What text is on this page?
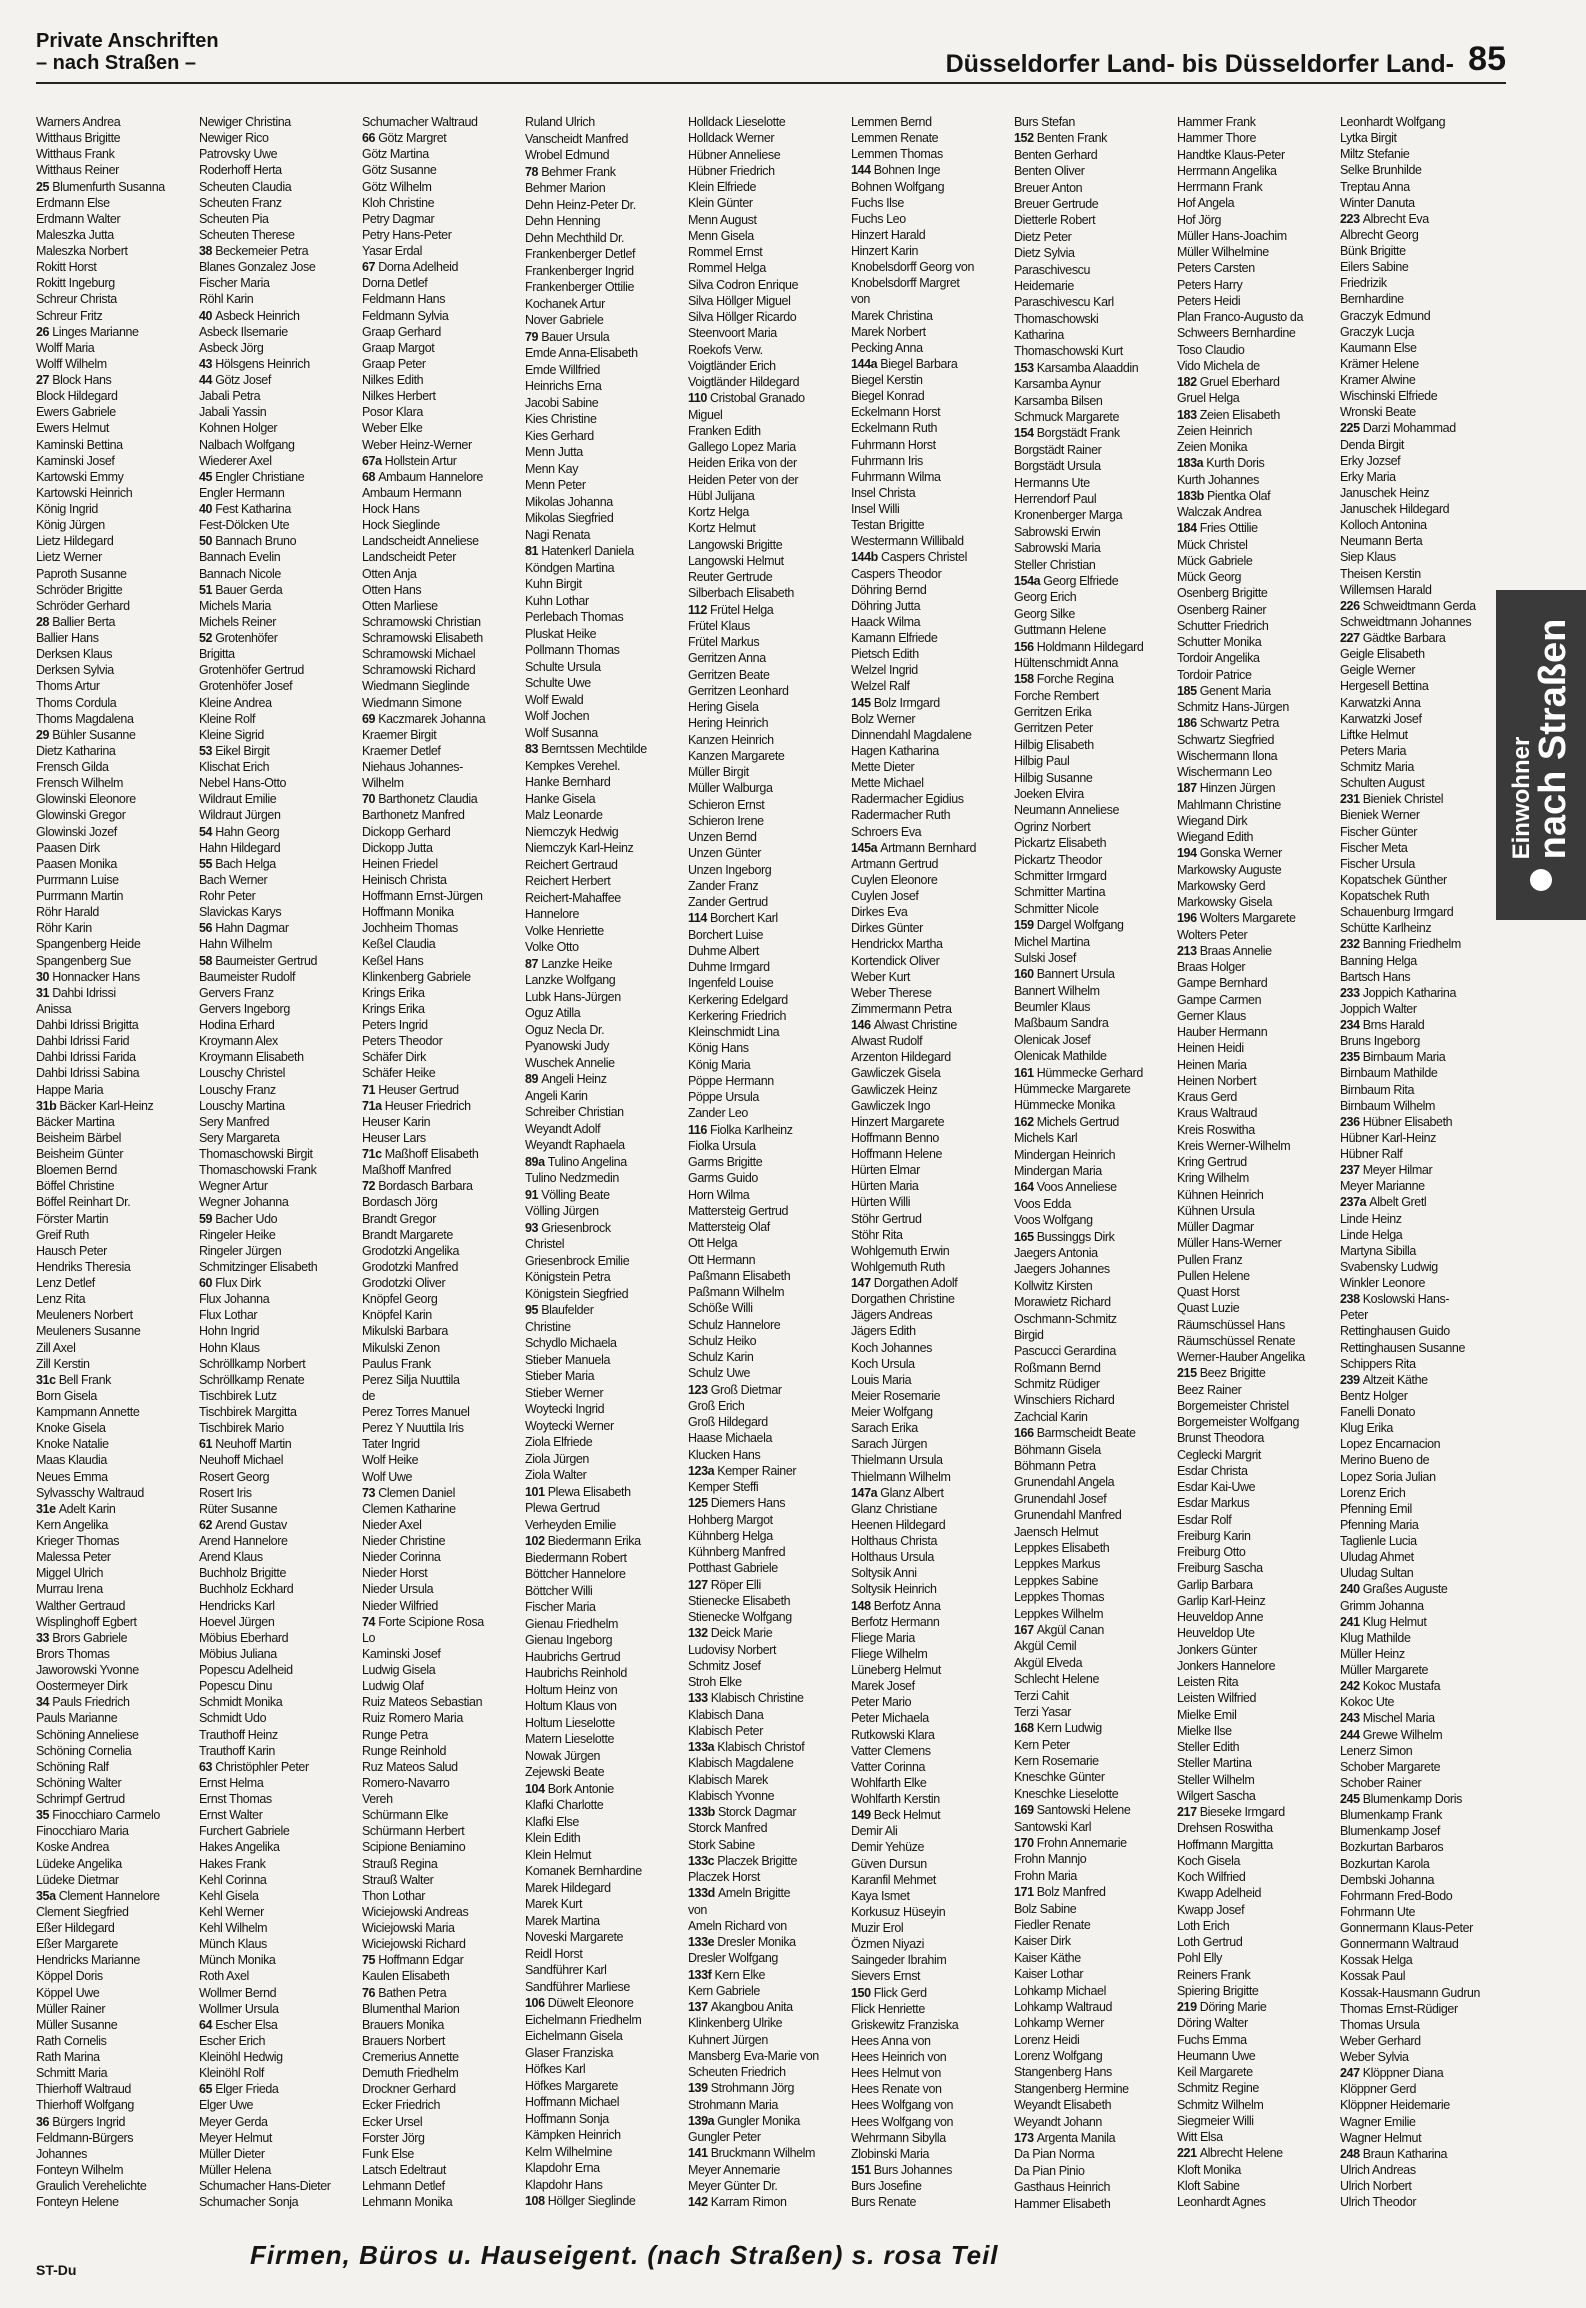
Private Anschriften
– nach Straßen –	Düsseldorfer Land- bis Düsseldorfer Land- 85
Warners Andrea
Witthaus Brigitte
Witthaus Frank
Witthaus Reiner
25 Blumenfurth Susanna
Erdmann Else
Erdmann Walter
Maleszka Jutta
Maleszka Norbert
Rokitt Horst
Rokitt Ingeburg
Schreur Christa
Schreur Fritz
26 Linges Marianne
Wolff Maria
Wolff Wilhelm
27 Block Hans
Block Hildegard
Ewers Gabriele
Ewers Helmut
Kaminski Bettina
Kaminski Josef
Kartowski Emmy
Kartowski Heinrich
König Ingrid
König Jürgen
Lietz Hildegard
Lietz Werner
Paproth Susanne
Schröder Brigitte
Schröder Gerhard
28 Ballier Berta
Ballier Hans
Derksen Klaus
Derksen Sylvia
Thoms Artur
Thoms Cordula
Thoms Magdalena
29 Bühler Susanne
Dietz Katharina
Frensch Gilda
Frensch Wilhelm
Glowinski Eleonore
Glowinski Gregor
Glowinski Jozef
Paasen Dirk
Paasen Monika
Purrmann Luise
Purrmann Martin
Röhr Harald
Röhr Karin
Spangenberg Heide
Spangenberg Sue
30 Honnacker Hans
31 Dahbi Idrissi
Anissa
Dahbi Idrissi Brigitta
Dahbi Idrissi Farid
Dahbi Idrissi Farida
Dahbi Idrissi Sabina
Happe Maria
31b Bäcker Karl-Heinz
Bäcker Martina
Beisheim Bärbel
Beisheim Günter
Bloemen Bernd
Böffel Christine
Böffel Reinhart Dr.
Förster Martin
Greif Ruth
Hausch Peter
Hendriks Theresia
Lenz Detlef
Lenz Rita
Meuleners Norbert
Meuleners Susanne
Zill Axel
Zill Kerstin
31c Bell Frank
Born Gisela
Kampmann Annette
Knoke Gisela
Knoke Natalie
Maas Klaudia
Neues Emma
Sylvasschy Waltraud
31e Adelt Karin
Kern Angelika
Krieger Thomas
Malessa Peter
Miggel Ulrich
Murrau Irena
Walther Gertraud
Wisplinghoff Egbert
33 Brors Gabriele
Brors Thomas
Jaworowski Yvonne
Oostermeyer Dirk
34 Pauls Friedrich
Pauls Marianne
Schöning Anneliese
Schöning Cornelia
Schöning Ralf
Schöning Walter
Schrimpf Gertrud
35 Finocchiaro Carmelo
Finocchiaro Maria
Koske Andrea
Lüdeke Angelika
Lüdeke Dietmar
35a Clement Hannelore
Clement Siegfried
Eßer Hildegard
Eßer Margarete
Hendricks Marianne
Köppel Doris
Köppel Uwe
Müller Rainer
Müller Susanne
Rath Cornelis
Rath Marina
Schmitt Maria
Thierhoff Waltraud
Thierhoff Wolfgang
36 Bürgers Ingrid
Feldmann-Bürgers
Johannes
Fonteyn Wilhelm
Graulich Verehelichte
Fonteyn Helene
Newiger Christina
Newiger Rico
Patrovsky Uwe
Roderhoff Herta
Scheuten Claudia
Scheuten Franz
Scheuten Pia
Scheuten Therese
38 Beckemeier Petra
Blanes Gonzalez Jose
Fischer Maria
Röhl Karin
40 Asbeck Heinrich
Asbeck Ilsemarie
Asbeck Jörg
43 Hölsgens Heinrich
44 Götz Josef
Jabali Petra
Jabali Yassin
Kohnen Holger
Nalbach Wolfgang
Wiederer Axel
45 Engler Christiane
Engler Hermann
40 Fest Katharina
Fest-Dölcken Ute
50 Bannach Bruno
Bannach Evelin
Bannach Nicole
51 Bauer Gerda
Michels Maria
Michels Reiner
52 Grotenhöfer
Brigitta
Grotenhöfer Gertrud
Grotenhöfer Josef
Kleine Andrea
Kleine Rolf
Kleine Sigrid
53 Eikel Birgit
Klischat Erich
Nebel Hans-Otto
Wildraut Emilie
Wildraut Jürgen
54 Hahn Georg
Hahn Hildegard
55 Bach Helga
Bach Werner
Rohr Peter
Slavickas Karys
56 Hahn Dagmar
Hahn Wilhelm
58 Baumeister Gertrud
Baumeister Rudolf
Gervers Franz
Gervers Ingeborg
Hodina Erhard
Kroymann Alex
Kroymann Elisabeth
Louschy Christel
Louschy Franz
Louschy Martina
Sery Manfred
Sery Margareta
Thomaschowski Birgit
Thomaschowski Frank
Wegner Artur
Wegner Johanna
59 Bacher Udo
Ringeler Heike
Ringeler Jürgen
Schmitzinger Elisabeth
60 Flux Dirk
Flux Johanna
Flux Lothar
Hohn Ingrid
Hohn Klaus
Schröllkamp Norbert
Schröllkamp Renate
Tischbirek Lutz
Tischbirek Margitta
Tischbirek Mario
61 Neuhoff Martin
Neuhoff Michael
Rosert Georg
Rosert Iris
Rüter Susanne
62 Arend Gustav
Arend Hannelore
Arend Klaus
Buchholz Brigitte
Buchholz Eckhard
Hendricks Karl
Hoevel Jürgen
Möbius Eberhard
Möbius Juliana
Popescu Adelheid
Popescu Dinu
Schmidt Monika
Schmidt Udo
Trauthoff Heinz
Trauthoff Karin
63 Christöphler Peter
Ernst Helma
Ernst Thomas
Ernst Walter
Furchert Gabriele
Hakes Angelika
Hakes Frank
Kehl Corinna
Kehl Gisela
Kehl Werner
Kehl Wilhelm
Münch Klaus
Münch Monika
Roth Axel
Wollmer Bernd
Wollmer Ursula
64 Escher Elsa
Escher Erich
Kleinöhl Hedwig
Kleinöhl Rolf
65 Elger Frieda
Elger Uwe
Meyer Gerda
Meyer Helmut
Müller Dieter
Müller Helena
Schumacher Hans-Dieter
Schumacher Sonja
Schumacher Waltraud
66 Götz Margret
Götz Martina
Götz Susanne
Götz Wilhelm
Kloh Christine
Petry Dagmar
Petry Hans-Peter
Yasar Erdal
67 Dorna Adelheid
Dorna Detlef
Feldmann Hans
Feldmann Sylvia
Graap Gerhard
Graap Margot
Graap Peter
Nilkes Edith
Nilkes Herbert
Posor Klara
Weber Elke
Weber Heinz-Werner
67a Hollstein Artur
68 Ambaum Hannelore
Ambaum Hermann
Hock Hans
Hock Sieglinde
Landscheidt Anneliese
Landscheidt Peter
Otten Anja
Otten Hans
Otten Marliese
Schramowski Christian
Schramowski Elisabeth
Schramowski Michael
Schramowski Richard
Wiedmann Sieglinde
Wiedmann Simone
69 Kaczmarek Johanna
Kraemer Birgit
Kraemer Detlef
Niehaus Johannes-
Wilhelm
70 Barthonetz Claudia
Barthonetz Manfred
Dickopp Gerhard
Dickopp Jutta
Heinen Friedel
Heinisch Christa
Hoffmann Ernst-Jürgen
Hoffmann Monika
Jochheim Thomas
Keßel Claudia
Keßel Hans
Klinkenberg Gabriele
Krings Erika
Krings Erika
Peters Ingrid
Peters Theodor
Schäfer Dirk
Schäfer Heike
71 Heuser Gertrud
71a Heuser Friedrich
Heuser Karin
Heuser Lars
71c Maßhoff Elisabeth
Maßhoff Manfred
72 Bordasch Barbara
Bordasch Jörg
Brandt Gregor
Brandt Margarete
Grodotzki Angelika
Grodotzki Manfred
Grodotzki Oliver
Knöpfel Georg
Knöpfel Karin
Mikulski Barbara
Mikulski Zenon
Paulus Frank
Perez Silja Nuuttila
de
Perez Torres Manuel
Perez Y Nuuttila Iris
Tater Ingrid
Wolf Heike
Wolf Uwe
73 Clemen Daniel
Clemen Katharine
Nieder Axel
Nieder Christine
Nieder Corinna
Nieder Horst
Nieder Ursula
Nieder Wilfried
74 Forte Scipione Rosa
Lo
Kaminski Josef
Ludwig Gisela
Ludwig Olaf
Ruiz Mateos Sebastian
Ruiz Romero Maria
Runge Petra
Runge Reinhold
Ruz Mateos Salud
Romero-Navarro
Vereh
Schürmann Elke
Schürmann Herbert
Scipione Beniamino
Strauß Regina
Strauß Walter
Thon Lothar
Wiciejowski Andreas
Wiciejowski Maria
Wiciejowski Richard
75 Hoffmann Edgar
Kaulen Elisabeth
76 Bathen Petra
Blumenthal Marion
Brauers Monika
Brauers Norbert
Cremerius Annette
Demuth Friedhelm
Drockner Gerhard
Ecker Friedrich
Ecker Ursel
Forster Jörg
Funk Else
Latsch Edeltraut
Lehmann Detlef
Lehmann Monika
Ruland Ulrich
Vanscheidt Manfred
Wrobel Edmund
78 Behmer Frank
Behmer Marion
Dehn Heinz-Peter Dr.
Dehn Henning
Dehn Mechthild Dr.
Frankenberger Detlef
Frankenberger Ingrid
Frankenberger Ottilie
Kochanek Artur
Nover Gabriele
79 Bauer Ursula
Emde Anna-Elisabeth
Emde Willfried
Heinrichs Erna
Jacobi Sabine
Kies Christine
Kies Gerhard
Menn Jutta
Menn Kay
Menn Peter
Mikolas Johanna
Mikolas Siegfried
Nagi Renata
81 Hatenkerl Daniela
Köndgen Martina
Kuhn Birgit
Kuhn Lothar
Perlebach Thomas
Pluskat Heike
Pollmann Thomas
Schulte Ursula
Schulte Uwe
Wolf Ewald
Wolf Jochen
Wolf Susanna
83 Berntssen Mechtilde
Kempkes Verehel.
Hanke Bernhard
Hanke Gisela
Malz Leonarde
Niemczyk Hedwig
Niemczyk Karl-Heinz
Reichert Gertraud
Reichert Herbert
Reichert-Mahaffee
Hannelore
Volke Henriette
Volke Otto
87 Lanzke Heike
Lanzke Wolfgang
Lubk Hans-Jürgen
Oguz Atilla
Oguz Necla Dr.
Pyanowski Judy
Wuschek Annelie
89 Angeli Heinz
Angeli Karin
Schreiber Christian
Weyandt Adolf
Weyandt Raphaela
89a Tulino Angelina
Tulino Nedzmedin
91 Völling Beate
Völling Jürgen
93 Griesenbrock
Christel
Griesenbrock Emilie
Königstein Petra
Königstein Siegfried
95 Blaufelder
Christine
Schydlo Michaela
Stieber Manuela
Stieber Maria
Stieber Werner
Woytecki Ingrid
Woytecki Werner
Ziola Elfriede
Ziola Jürgen
Ziola Walter
101 Plewa Elisabeth
Plewa Gertrud
Verheyden Emilie
102 Biedermann Erika
Biedermann Robert
Böttcher Hannelore
Böttcher Willi
Fischer Maria
Gienau Friedhelm
Gienau Ingeborg
Haubrichs Gertrud
Haubrichs Reinhold
Holtum Heinz von
Holtum Klaus von
Holtum Lieselotte
Matern Lieselotte
Nowak Jürgen
Zejewski Beate
104 Bork Antonie
Klafki Charlotte
Klafki Else
Klein Edith
Klein Helmut
Komanek Bernhardine
Marek Hildegard
Marek Kurt
Marek Martina
Noveski Margarete
Reidl Horst
Sandführer Karl
Sandführer Marliese
106 Düwelt Eleonore
Eichelmann Friedhelm
Eichelmann Gisela
Glaser Franziska
Höfkes Karl
Höfkes Margarete
Hoffmann Michael
Hoffmann Sonja
Kämpken Heinrich
Kelm Wilhelmine
Klapdohr Erna
Klapdohr Hans
108 Höllger Sieglinde
Holldack Lieselotte
Holldack Werner
Hübner Anneliese
Hübner Friedrich
Klein Elfriede
Klein Günter
Menn August
Menn Gisela
Rommel Ernst
Rommel Helga
Silva Codron Enrique
Silva Höllger Miguel
Silva Höllger Ricardo
Steenvoort Maria
Roekofs Verw.
Voigtländer Erich
Voigtländer Hildegard
110 Cristobal Granado
Miguel
Franken Edith
Gallego Lopez Maria
Heiden Erika von der
Heiden Peter von der
Hübl Julijana
Kortz Helga
Kortz Helmut
Langowski Brigitte
Langowski Helmut
Reuter Gertrude
Silberbach Elisabeth
112 Frütel Helga
Frütel Klaus
Frütel Markus
Gerritzen Anna
Gerritzen Beate
Gerritzen Leonhard
Hering Gisela
Hering Heinrich
Kanzen Heinrich
Kanzen Margarete
Müller Birgit
Müller Walburga
Schieron Ernst
Schieron Irene
Unzen Bernd
Unzen Günter
Unzen Ingeborg
Zander Franz
Zander Gertrud
114 Borchert Karl
Borchert Luise
Duhme Albert
Duhme Irmgard
Ingenfeld Louise
Kerkering Edelgard
Kerkering Friedrich
Kleinschmidt Lina
König Hans
König Maria
Pöppe Hermann
Pöppe Ursula
Zander Leo
116 Fiolka Karlheinz
Fiolka Ursula
Garms Brigitte
Garms Guido
Horn Wilma
Mattersteig Gertrud
Mattersteig Olaf
Ott Helga
Ott Hermann
Paßmann Elisabeth
Paßmann Wilhelm
Schöße Willi
Schulz Hannelore
Schulz Heiko
Schulz Karin
Schulz Uwe
123 Groß Dietmar
Groß Erich
Groß Hildegard
Haase Michaela
Klucken Hans
123a Kemper Rainer
Kemper Steffi
125 Diemers Hans
Hohberg Margot
Kühnberg Helga
Kühnberg Manfred
Potthast Gabriele
127 Röper Elli
Stienecke Elisabeth
Stienecke Wolfgang
132 Deick Marie
Ludovisy Norbert
Schmitz Josef
Stroh Elke
133 Klabisch Christine
Klabisch Dana
Klabisch Peter
133a Klabisch Christof
Klabisch Magdalene
Klabisch Marek
Klabisch Yvonne
133b Storck Dagmar
Storck Manfred
Stork Sabine
133c Placzek Brigitte
Placzek Horst
133d Ameln Brigitte
von
Ameln Richard von
133e Dresler Monika
Dresler Wolfgang
133f Kern Elke
Kern Gabriele
137 Akangbou Anita
Klinkenberg Ulrike
Kuhnert Jürgen
Mansberg Eva-Marie von
Scheuten Friedrich
139 Strohmann Jörg
Strohmann Maria
139a Gungler Monika
Gungler Peter
141 Bruckmann Wilhelm
Meyer Annemarie
Meyer Günter Dr.
142 Karram Rimon
Lemmen Bernd
Lemmen Renate
Lemmen Thomas
144 Bohnen Inge
Bohnen Wolfgang
Fuchs Ilse
Fuchs Leo
Hinzert Harald
Hinzert Karin
Knobelsdorff Georg von
Knobelsdorff Margret
von
Marek Christina
Marek Norbert
Pecking Anna
144a Biegel Barbara
Biegel Kerstin
Biegel Konrad
Eckelmann Horst
Eckelmann Ruth
Fuhrmann Horst
Fuhrmann Iris
Fuhrmann Wilma
Insel Christa
Insel Willi
Testan Brigitte
Westermann Willibald
144b Caspers Christel
Caspers Theodor
Döhring Bernd
Döhring Jutta
Haack Wilma
Kamann Elfriede
Pietsch Edith
Welzel Ingrid
Welzel Ralf
145 Bolz Irmgard
Bolz Werner
Dinnendahl Magdalene
Hagen Katharina
Mette Dieter
Mette Michael
Radermacher Egidius
Radermacher Ruth
Schroers Eva
145a Artmann Bernhard
Artmann Gertrud
Cuylen Eleonore
Cuylen Josef
Dirkes Eva
Dirkes Günter
Hendrickx Martha
Kortendick Oliver
Weber Kurt
Weber Therese
Zimmermann Petra
146 Alwast Christine
Alwast Rudolf
Arzenton Hildegard
Gawliczek Gisela
Gawliczek Heinz
Gawliczek Ingo
Hinzert Margarete
Hoffmann Benno
Hoffmann Helene
Hürten Elmar
Hürten Maria
Hürten Willi
Stöhr Gertrud
Stöhr Rita
Wohlgemuth Erwin
Wohlgemuth Ruth
147 Dorgathen Adolf
Dorgathen Christine
Jägers Andreas
Jägers Edith
Koch Johannes
Koch Ursula
Louis Maria
Meier Rosemarie
Meier Wolfgang
Sarach Erika
Sarach Jürgen
Thielmann Ursula
Thielmann Wilhelm
147a Glanz Albert
Glanz Christiane
Heenen Hildegard
Holthaus Christa
Holthaus Ursula
Soltysik Anni
Soltysik Heinrich
148 Berfotz Anna
Berfotz Hermann
Fliege Maria
Fliege Wilhelm
Lüneberg Helmut
Marek Josef
Peter Mario
Peter Michaela
Rutkowski Klara
Vatter Clemens
Vatter Corinna
Wohlfarth Elke
Wohlfarth Kerstin
149 Beck Helmut
Demir Ali
Demir Yehüze
Güven Dursun
Karanfil Mehmet
Kaya Ismet
Korkusuz Hüseyin
Muzir Erol
Özmen Niyazi
Saingeder Ibrahim
Sievers Ernst
150 Flick Gerd
Flick Henriette
Griskewitz Franziska
Hees Anna von
Hees Heinrich von
Hees Helmut von
Hees Renate von
Hees Wolfgang von
Hees Wolfgang von
Wehrmann Sibylla
Zlobinski Maria
151 Burs Johannes
Burs Josefine
Burs Renate
Burs Stefan
152 Benten Frank
Benten Gerhard
Benten Oliver
Breuer Anton
Breuer Gertrude
Dietterle Robert
Dietz Peter
Dietz Sylvia
Paraschivescu
Heidemarie
Paraschivescu Karl
Thomaschowski
Katharina
Thomaschowski Kurt
153 Karsamba Alaaddin
Karsamba Aynur
Karsamba Bilsen
Schmuck Margarete
154 Borgstädt Frank
Borgstädt Rainer
Borgstädt Ursula
Hermanns Ute
Herrendorf Paul
Kronenberger Marga
Sabrowski Erwin
Sabrowski Maria
Steller Christian
154a Georg Elfriede
Georg Erich
Georg Silke
Guttmann Helene
156 Holdmann Hildegard
Hültenschmidt Anna
158 Forche Regina
Forche Rembert
Gerritzen Erika
Gerritzen Peter
Hilbig Elisabeth
Hilbig Paul
Hilbig Susanne
Joeken Elvira
Neumann Anneliese
Ogrinz Norbert
Pickartz Elisabeth
Pickartz Theodor
Schmitter Irmgard
Schmitter Martina
Schmitter Nicole
159 Dargel Wolfgang
Michel Martina
Sulski Josef
160 Bannert Ursula
Bannert Wilhelm
Beumler Klaus
Maßbaum Sandra
Olenicak Josef
Olenicak Mathilde
161 Hümmecke Gerhard
Hümmecke Margarete
Hümmecke Monika
162 Michels Gertrud
Michels Karl
Mindergan Heinrich
Mindergan Maria
164 Voos Anneliese
Voos Edda
Voos Wolfgang
165 Bussinggs Dirk
Jaegers Antonia
Jaegers Johannes
Kollwitz Kirsten
Morawietz Richard
Oschmann-Schmitz
Birgid
Pascucci Gerardina
Roßmann Bernd
Schmitz Rüdiger
Winschiers Richard
Zachcial Karin
166 Barmscheidt Beate
Böhmann Gisela
Böhmann Petra
Grunendahl Angela
Grunendahl Josef
Grunendahl Manfred
Jaensch Helmut
Leppkes Elisabeth
Leppkes Markus
Leppkes Sabine
Leppkes Thomas
Leppkes Wilhelm
167 Akgül Canan
Akgül Cemil
Akgül Elveda
Schlecht Helene
Terzi Cahit
Terzi Yasar
168 Kern Ludwig
Kern Peter
Kern Rosemarie
Kneschke Günter
Kneschke Lieselotte
169 Santowski Helene
Santowski Karl
170 Frohn Annemarie
Frohn Mannjo
Frohn Maria
171 Bolz Manfred
Bolz Sabine
Fiedler Renate
Kaiser Dirk
Kaiser Käthe
Kaiser Lothar
Lohkamp Michael
Lohkamp Waltraud
Lohkamp Werner
Lorenz Heidi
Lorenz Wolfgang
Stangenberg Hans
Stangenberg Hermine
Weyandt Elisabeth
Weyandt Johann
173 Argenta Manila
Da Pian Norma
Da Pian Pinio
Gasthaus Heinrich
Hammer Elisabeth
Hammer Frank
Hammer Thore
Handtke Klaus-Peter
Herrmann Angelika
Herrmann Frank
Hof Angela
Hof Jörg
Müller Hans-Joachim
Müller Wilhelmine
Peters Carsten
Peters Harry
Peters Heidi
Plan Franco-Augusto da
Schweers Bernhardine
Toso Claudio
Vido Michela de
182 Gruel Eberhard
Gruel Helga
183 Zeien Elisabeth
Zeien Heinrich
Zeien Monika
183a Kurth Doris
Kurth Johannes
183b Pientka Olaf
Walczak Andrea
184 Fries Ottilie
Mück Christel
Mück Gabriele
Mück Georg
Osenberg Brigitte
Osenberg Rainer
Schutter Friedrich
Schutter Monika
Tordoir Angelika
Tordoir Patrice
185 Genent Maria
Schmitz Hans-Jürgen
186 Schwartz Petra
Schwartz Siegfried
Wischermann Ilona
Wischermann Leo
187 Hinzen Jürgen
Mahlmann Christine
Wiegand Dirk
Wiegand Edith
194 Gonska Werner
Markowsky Auguste
Markowsky Gerd
Markowsky Gisela
196 Wolters Margarete
Wolters Peter
213 Braas Annelie
Braas Holger
Gampe Bernhard
Gampe Carmen
Gerner Klaus
Hauber Hermann
Heinen Heidi
Heinen Maria
Heinen Norbert
Kraus Gerd
Kraus Waltraud
Kreis Roswitha
Kreis Werner-Wilhelm
Kring Gertrud
Kring Wilhelm
Kühnen Heinrich
Kühnen Ursula
Müller Dagmar
Müller Hans-Werner
Pullen Franz
Pullen Helene
Quast Horst
Quast Luzie
Räumschüssel Hans
Räumschüssel Renate
Werner-Hauber Angelika
215 Beez Brigitte
Beez Rainer
Borgemeister Christel
Borgemeister Wolfgang
Brunst Theodora
Ceglecki Margrit
Esdar Christa
Esdar Kai-Uwe
Esdar Markus
Esdar Rolf
Freiburg Karin
Freiburg Otto
Freiburg Sascha
Garlip Barbara
Garlip Karl-Heinz
Heuveldop Anne
Heuveldop Ute
Jonkers Günter
Jonkers Hannelore
Leisten Rita
Leisten Wilfried
Mielke Emil
Mielke Ilse
Steller Edith
Steller Martina
Steller Wilhelm
Wilgert Sascha
217 Bieseke Irmgard
Drehsen Roswitha
Hoffmann Margitta
Koch Gisela
Koch Wilfried
Kwapp Adelheid
Kwapp Josef
Loth Erich
Loth Gertrud
Pohl Elly
Reiners Frank
Spiering Brigitte
219 Döring Marie
Döring Walter
Fuchs Emma
Heumann Uwe
Keil Margarete
Schmitz Regine
Schmitz Wilhelm
Siegmeier Willi
Witt Elsa
221 Albrecht Helene
Kloft Monika
Kloft Sabine
Leonhardt Agnes
Leonhardt Wolfgang
Lytka Birgit
Miltz Stefanie
Selke Brunhilde
Treptau Anna
Winter Danuta
223 Albrecht Eva
Albrecht Georg
Bünk Brigitte
Eilers Sabine
Friedrizik
Bernhardine
Graczyk Edmund
Graczyk Lucja
Kaumann Else
Krämer Helene
Kramer Alwine
Wischinski Elfriede
Wronski Beate
225 Darzi Mohammad
Denda Birgit
Erky Jozsef
Erky Maria
Januschek Heinz
Januschek Hildegard
Kolloch Antonina
Neumann Berta
Siep Klaus
Theisen Kerstin
Willemsen Harald
226 Schweidtmann Gerda
Schweidtmann Johannes
227 Gädtke Barbara
Geigle Elisabeth
Geigle Werner
Hergesell Bettina
Karwatzki Anna
Karwatzki Josef
Liftke Helmut
Peters Maria
Schmitz Maria
Schulten August
231 Bieniek Christel
Bieniek Werner
Fischer Günter
Fischer Meta
Fischer Ursula
Kopatschek Günther
Kopatschek Ruth
Schauenburg Irmgard
Schütte Karlheinz
232 Banning Friedhelm
Banning Helga
Bartsch Hans
233 Joppich Katharina
Joppich Walter
234 Brns Harald
Bruns Ingeborg
235 Birnbaum Maria
Birnbaum Mathilde
Birnbaum Rita
Birnbaum Wilhelm
236 Hübner Elisabeth
Hübner Karl-Heinz
Hübner Ralf
237 Meyer Hilmar
Meyer Marianne
237a Albelt Gretl
Linde Heinz
Linde Helga
Martyna Sibilla
Svabensky Ludwig
Winkler Leonore
238 Koslowski Hans-
Peter
Rettinghausen Guido
Rettinghausen Susanne
Schippers Rita
239 Altzeit Käthe
Bentz Holger
Fanelli Donato
Klug Erika
Lopez Encarnacion
Merino Bueno de
Lopez Soria Julian
Lorenz Erich
Pfenning Emil
Pfenning Maria
Taglienle Lucia
Uludag Ahmet
Uludag Sultan
240 Graßes Auguste
Grimm Johanna
241 Klug Helmut
Klug Mathilde
Müller Heinz
Müller Margarete
242 Kokoc Mustafa
Kokoc Ute
243 Mischel Maria
244 Grewe Wilhelm
Lenerz Simon
Schober Margarete
Schober Rainer
245 Blumenkamp Doris
Blumenkamp Frank
Blumenkamp Josef
Bozkurtan Barbaros
Bozkurtan Karola
Dembski Johanna
Fohrmann Fred-Bodo
Fohrmann Ute
Gonnermann Klaus-Peter
Gonnermann Waltraud
Kossak Helga
Kossak Paul
Kossak-Hausmann Gudrun
Thomas Ernst-Rüdiger
Thomas Ursula
Weber Gerhard
Weber Sylvia
247 Klöppner Diana
Klöppner Gerd
Klöppner Heidemarie
Wagner Emilie
Wagner Helmut
248 Braun Katharina
Ulrich Andreas
Ulrich Norbert
Ulrich Theodor
Einwohner
nach Straßen
ST-Du	Firmen, Büros u. Hauseigent. (nach Straßen) s. rosa Teil
